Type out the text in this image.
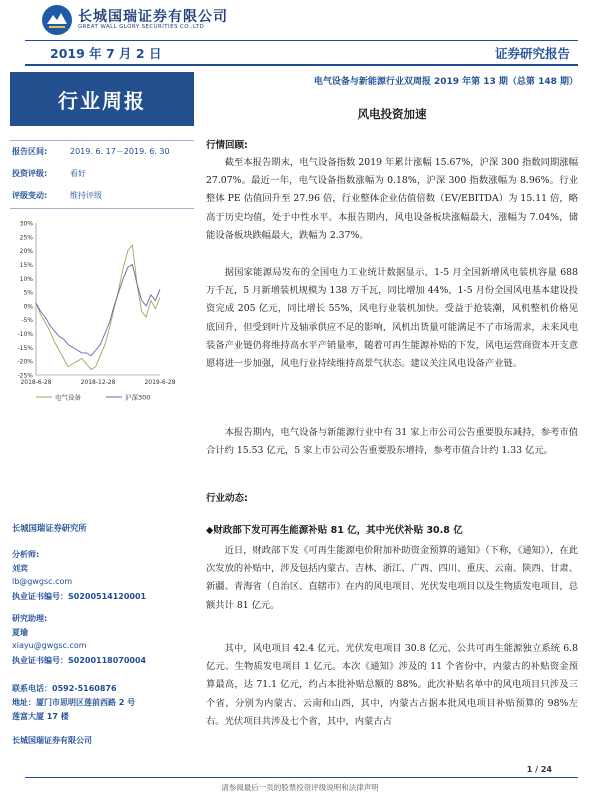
长城国瑞证券有限公司
GREAT WALL GLORY SECURITIES CO.,LTD
2019 年 7 月 2 日	证券研究报告
行业周报
电气设备与新能源行业双周报 2019 年第 13 期（总第 148 期）
风电投资加速
报告区间:	2019. 6. 17－2019. 6. 30
投资评级:	看好
评级变动:	维持评级
30%
25%
20%
15%
10%
5%
0%
-5%
-10%
-15%
-20%
-25%
2018-6-28	2018-12-28	2019-6-28
电气设备	沪深300
行情回顾:

截至本报告期末，电气设备指数 2019 年累计涨幅 15.67%，沪深 300 指数同期涨幅 27.07%。最近一年，电气设备指数涨幅为 0.18%，沪深 300 指数涨幅为 8.96%。行业整体 PE 估值回升至 27.96 倍，行业整体企业估值倍数（EV/EBITDA）为 15.11 倍，略高于历史均值，处于中性水平。本报告期内，风电设备板块涨幅最大，涨幅为 7.04%，储能设备板块跌幅最大，跌幅为 2.37%。

据国家能源局发布的全国电力工业统计数据显示，1-5 月全国新增风电装机容量 688 万千瓦，5 月新增装机规模为 138 万千瓦，同比增加 44%，1-5 月份全国风电基本建设投资完成 205 亿元，同比增长 55%，风电行业装机加快。受益于抢装潮，风机整机价格见底回升，但受到叶片及轴承供应不足的影响，风机出货量可能满足不了市场需求，未来风电装备产业链仍将维持高水平产销量率，随着可再生能源补贴的下发，风电运营商资本开支意愿将进一步加强，风电行业持续维持高景气状态。建议关注风电设备产业链。

本报告期内，电气设备与新能源行业中有 31 家上市公司公告重要股东减持，参考市值合计约 15.53 亿元，5 家上市公司公告重要股东增持，参考市值合计约 1.33 亿元。

行业动态:
◆财政部下发可再生能源补贴 81 亿，其中光伏补贴 30.8 亿

近日，财政部下发《可再生能源电价附加补助资金预算的通知》（下称，《通知》），在此次发放的补贴中，涉及包括内蒙古、吉林、浙江、广西、四川、重庆、云南、陕西、甘肃、新疆、青海省（自治区、直辖市）在内的风电项目、光伏发电项目以及生物质发电项目，总额共计 81 亿元。

其中，风电项目 42.4 亿元、光伏发电项目 30.8 亿元、公共可再生能源独立系统 6.8 亿元、生物质发电项目 1 亿元。本次《通知》涉及的 11 个省份中，内蒙古的补贴资金预算最高，达 71.1 亿元，约占本批补贴总额的 88%。此次补贴名单中的风电项目只涉及三个省，分别为内蒙古、云南和山西，其中，内蒙古占据本批风电项目补贴预算的 98%左右。光伏项目共涉及七个省，其中，内蒙古占

长城国瑞证券研究所
分析师:
刘宾
lb@gwgsc.com
执业证书编号：S0200514120001
研究助理:
夏瑜
xiayu@gwgsc.com
执业证书编号：S0200118070004
联系电话：0592-5160876
地址：厦门市思明区莲前西路 2 号
莲富大厦 17 楼
长城国瑞证券有限公司
1 / 24
请参阅最后一页的股票投资评级说明和法律声明
